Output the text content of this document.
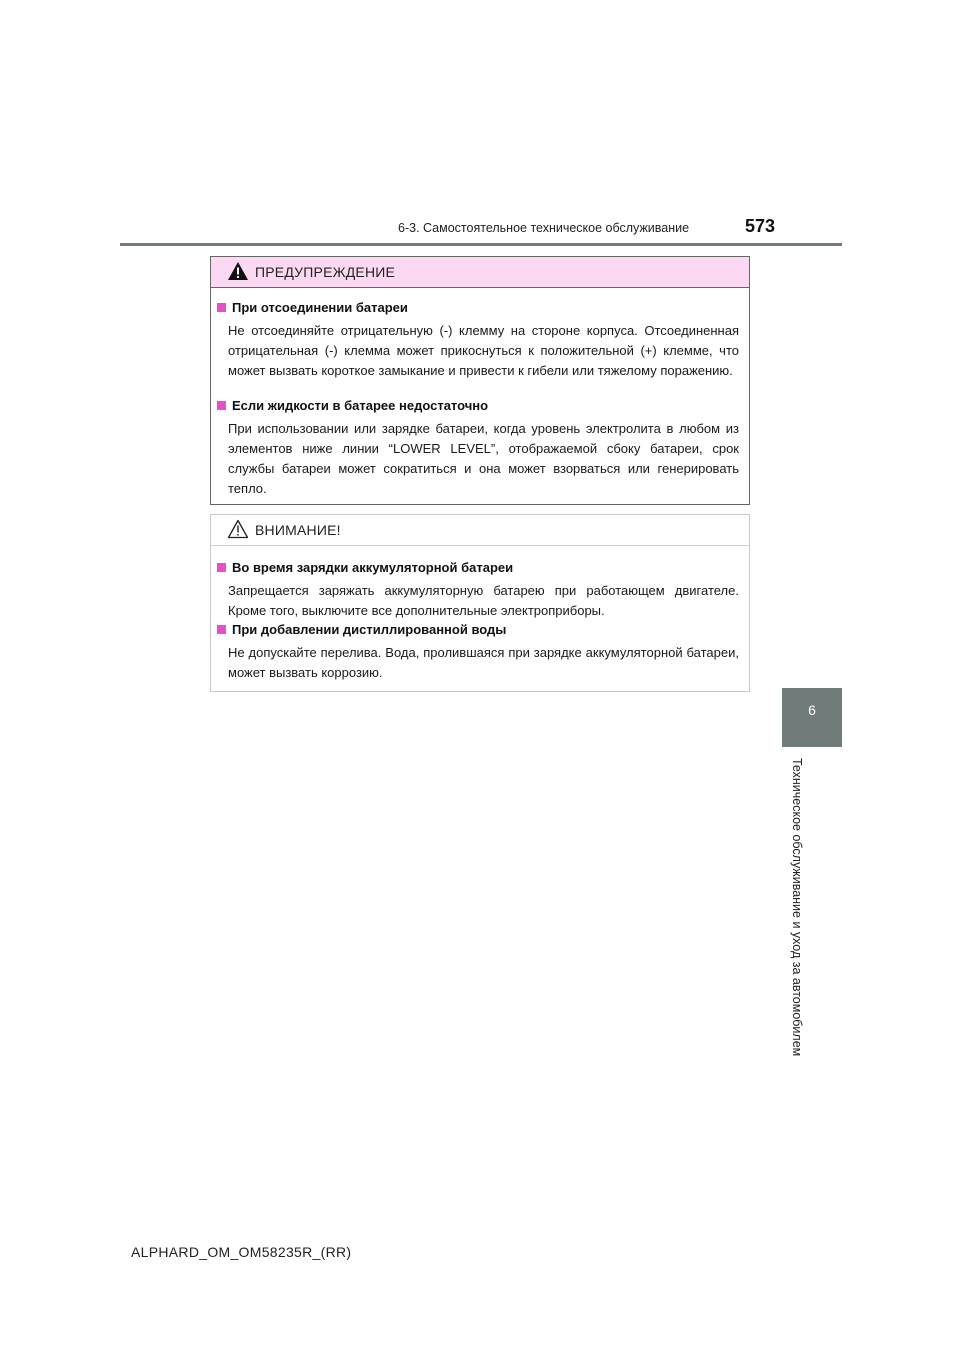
6-3. Самостоятельное техническое обслуживание	573
6
Техническое обслуживание и уход за автомобилем
ПРЕДУПРЕЖДЕНИЕ
При отсоединении батареи
Не отсоединяйте отрицательную (-) клемму на стороне корпуса. Отсоединенная отрицательная (-) клемма может прикоснуться к положительной (+) клемме, что может вызвать короткое замыкание и привести к гибели или тяжелому поражению.
Если жидкости в батарее недостаточно
При использовании или зарядке батареи, когда уровень электролита в любом из элементов ниже линии “LOWER LEVEL”, отображаемой сбоку батареи, срок службы батареи может сократиться и она может взорваться или генерировать тепло.
ВНИМАНИЕ!
Во время зарядки аккумуляторной батареи
Запрещается заряжать аккумуляторную батарею при работающем двигателе. Кроме того, выключите все дополнительные электроприборы.
При добавлении дистиллированной воды
Не допускайте перелива. Вода, пролившаяся при зарядке аккумуляторной батареи, может вызвать коррозию.
ALPHARD_OM_OM58235R_(RR)
